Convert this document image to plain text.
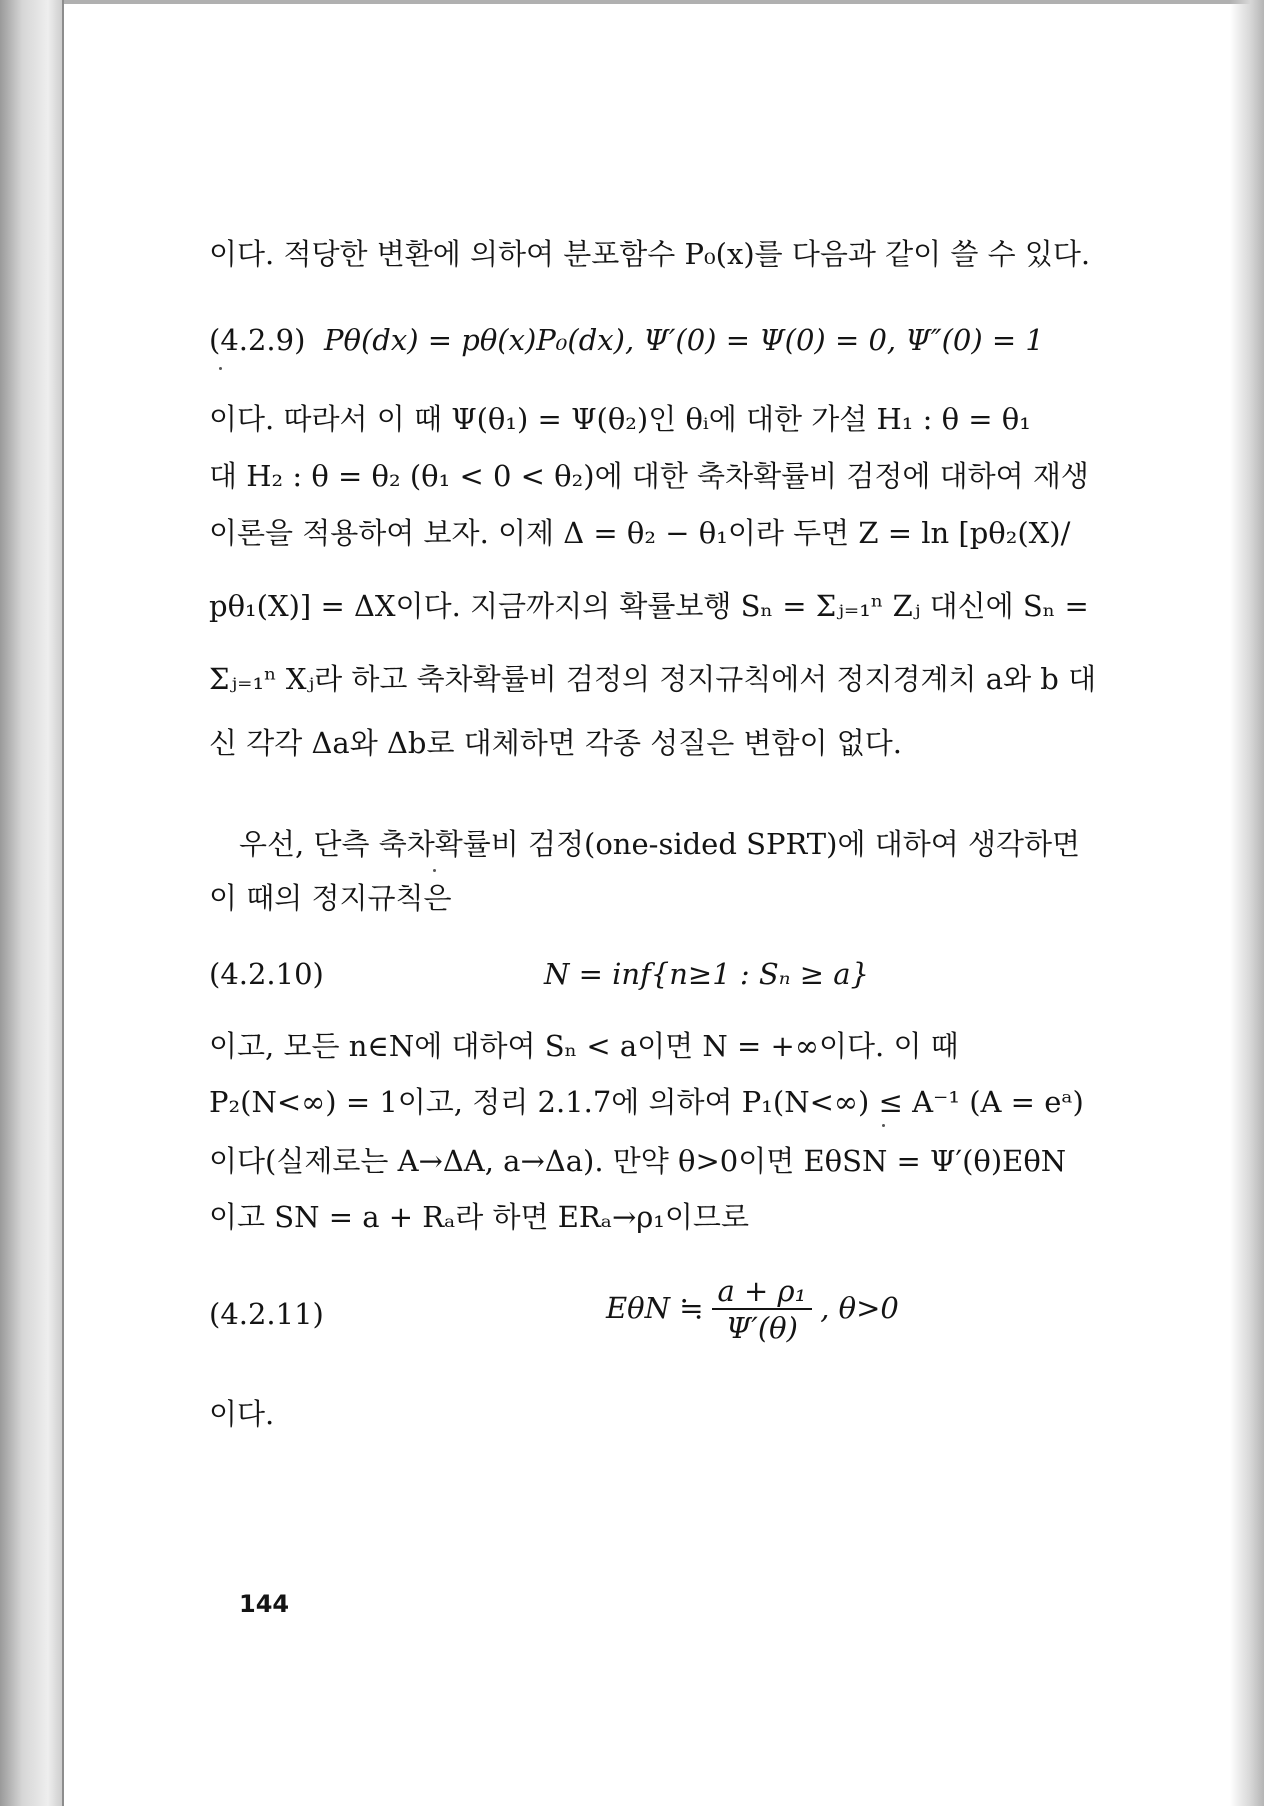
이다. 적당한 변환에 의하여 분포함수 P₀(x)를 다음과 같이 쓸 수 있다.
(4.2.9) Pθ(dx) = pθ(x)P₀(dx), Ψ′(0) = Ψ(0) = 0, Ψ″(0) = 1
이다. 따라서 이 때 Ψ(θ₁) = Ψ(θ₂)인 θᵢ에 대한 가설 H₁ : θ = θ₁
대 H₂ : θ = θ₂ (θ₁ < 0 < θ₂)에 대한 축차확률비 검정에 대하여 재생
이론을 적용하여 보자. 이제 Δ = θ₂ − θ₁이라 두면 Z = ln [pθ₂(X)/
pθ₁(X)] = ΔX이다. 지금까지의 확률보행 Sₙ = Σⱼ₌₁ⁿ Zⱼ 대신에 Sₙ =
Σⱼ₌₁ⁿ Xⱼ라 하고 축차확률비 검정의 정지규칙에서 정지경계치 a와 b 대
신 각각 Δa와 Δb로 대체하면 각종 성질은 변함이 없다.
우선, 단측 축차확률비 검정(one-sided SPRT)에 대하여 생각하면
이 때의 정지규칙은
(4.2.10)	N = inf{n≥1 : Sₙ ≥ a}
이고, 모든 n∈N에 대하여 Sₙ < a이면 N = +∞이다. 이 때
P₂(N<∞) = 1이고, 정리 2.1.7에 의하여 P₁(N<∞) ≤ A⁻¹ (A = eᵃ)
이다(실제로는 A→ΔA, a→Δa). 만약 θ>0이면 EθSN = Ψ′(θ)EθN
이고 SN = a + Rₐ라 하면 ERₐ→ρ₁이므로
(4.2.11)	EθN ≒ $\frac{\text{a + ρ₁}}{\Psi'(\theta)}$ , θ>0
이다.
144
